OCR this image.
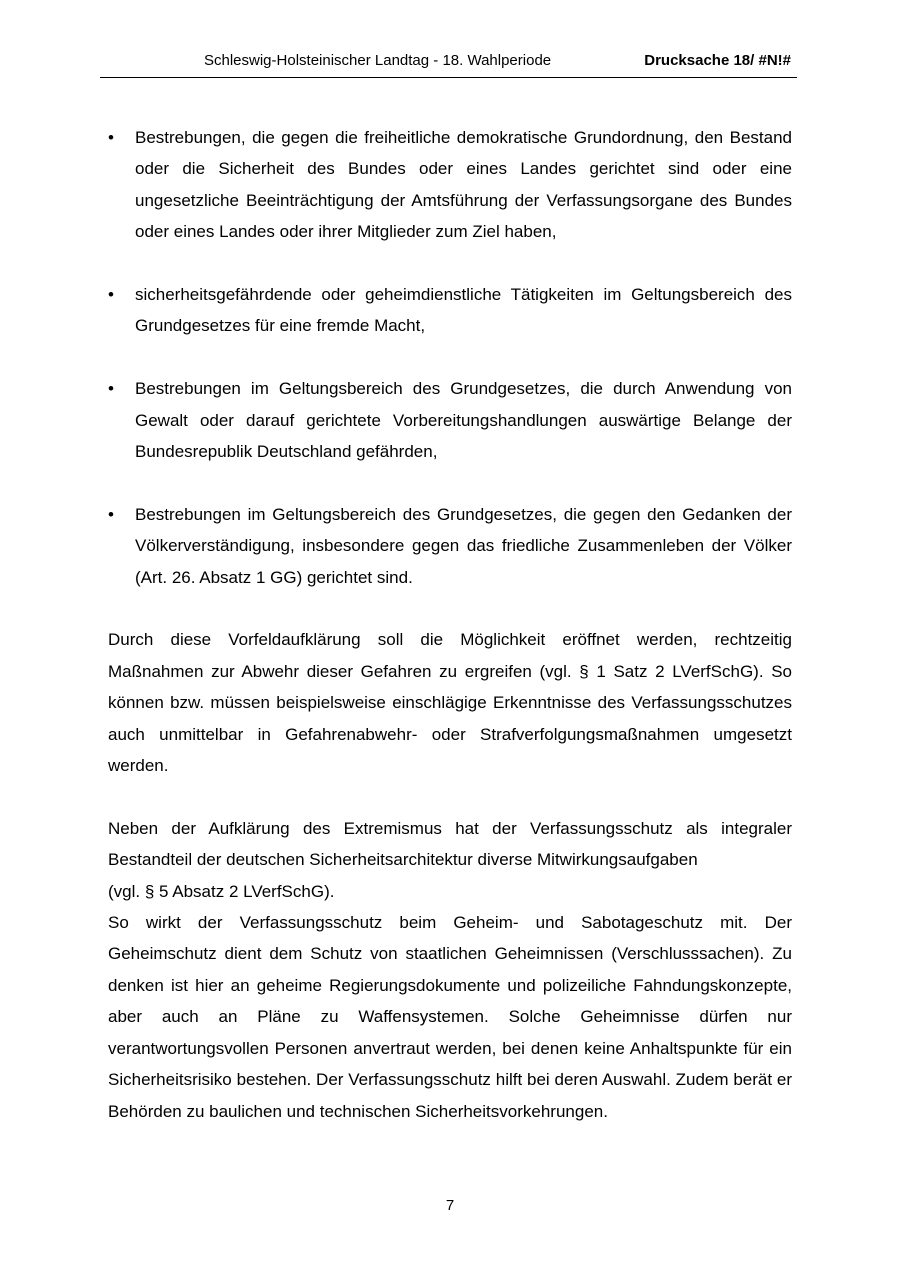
Schleswig-Holsteinischer Landtag - 18. Wahlperiode	Drucksache 18/ #N!#
• Bestrebungen, die gegen die freiheitliche demokratische Grundordnung, den Bestand oder die Sicherheit des Bundes oder eines Landes gerichtet sind oder eine ungesetzliche Beeinträchtigung der Amtsführung der Verfassungsorgane des Bundes oder eines Landes oder ihrer Mitglieder zum Ziel haben,
• sicherheitsgefährdende oder geheimdienstliche Tätigkeiten im Geltungsbereich des Grundgesetzes für eine fremde Macht,
• Bestrebungen im Geltungsbereich des Grundgesetzes, die durch Anwendung von Gewalt oder darauf gerichtete Vorbereitungshandlungen auswärtige Belange der Bundesrepublik Deutschland gefährden,
• Bestrebungen im Geltungsbereich des Grundgesetzes, die gegen den Gedanken der Völkerverständigung, insbesondere gegen das friedliche Zusammenleben der Völker (Art. 26. Absatz 1 GG) gerichtet sind.

Durch diese Vorfeldaufklärung soll die Möglichkeit eröffnet werden, rechtzeitig Maßnahmen zur Abwehr dieser Gefahren zu ergreifen (vgl. § 1 Satz 2 LVerfSchG). So können bzw. müssen beispielsweise einschlägige Erkenntnisse des Verfassungsschutzes auch unmittelbar in Gefahrenabwehr- oder Strafverfolgungsmaßnahmen umgesetzt werden.

Neben der Aufklärung des Extremismus hat der Verfassungsschutz als integraler
Bestandteil der deutschen Sicherheitsarchitektur diverse Mitwirkungsaufgaben
(vgl. § 5 Absatz 2 LVerfSchG).

So wirkt der Verfassungsschutz beim Geheim- und Sabotageschutz mit. Der Geheimschutz dient dem Schutz von staatlichen Geheimnissen (Verschlusssachen). Zu denken ist hier an geheime Regierungsdokumente und polizeiliche Fahndungskonzepte, aber auch an Pläne zu Waffensystemen. Solche Geheimnisse dürfen nur verantwortungsvollen Personen anvertraut werden, bei denen keine Anhaltspunkte für ein Sicherheitsrisiko bestehen. Der Verfassungsschutz hilft bei deren Auswahl. Zudem berät er Behörden zu baulichen und technischen Sicherheitsvorkehrungen.

7
